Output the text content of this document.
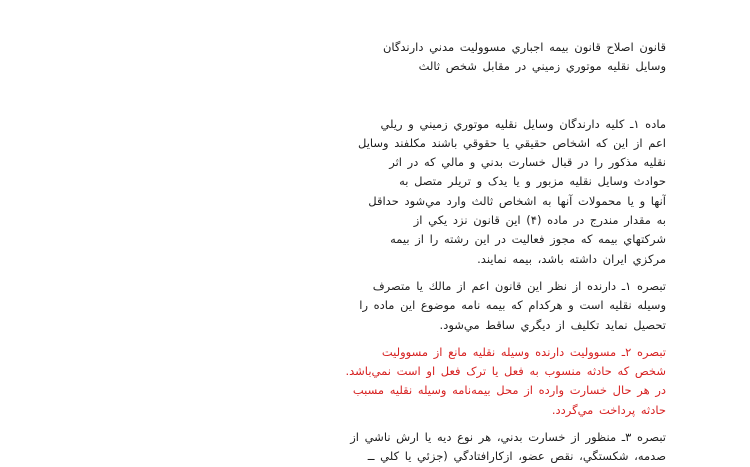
قانون اصلاح قانون بیمه اجباري مسوولیت مدني دارندگان
وسایل نقلیه موتوري زمیني در مقابل شخص ثالث
ماده ۱ـ کلیه دارندگان وسایل نقلیه موتوري زمیني و ریلي
اعم از این که اشخاص حقیقي یا حقوقي باشند مکلفند وسایل
نقلیه مذکور را در قبال خسارت بدني و مالي که در اثر
حوادث وسایل نقلیه مزبور و یا یدک و تریلر متصل به
آنها و یا محمولات آنها به اشخاص ثالث وارد مي‌شود حداقل
به مقدار مندرج در ماده (۴) این قانون نزد یکي از
شرکتهاي بیمه که مجوز فعالیت در این رشته را از بیمه
مرکزي ایران داشته باشد، بیمه نمایند.
تبصره ۱ـ دارنده از نظر این قانون اعم از مالك یا متصرف
وسیله نقلیه است و هرکدام که بیمه نامه موضوع این ماده را
تحصیل نماید تکلیف از دیگري ساقط مي‌شود.
تبصره ۲ـ مسوولیت دارنده وسیله نقلیه مانع از مسوولیت
شخص که حادثه منسوب به فعل یا ترک فعل او است نمي‌باشد.
در هر حال خسارت وارده از محل بیمه‌نامه وسیله نقلیه مسبب
حادثه پرداخت مي‌گردد.
تبصره ۳ـ منظور از خسارت بدني، هر نوع دیه یا ارش ناشي از
صدمه، شکستگي، نقص عضو، ازکارافتادگي (جزئي یا کلي ــ
